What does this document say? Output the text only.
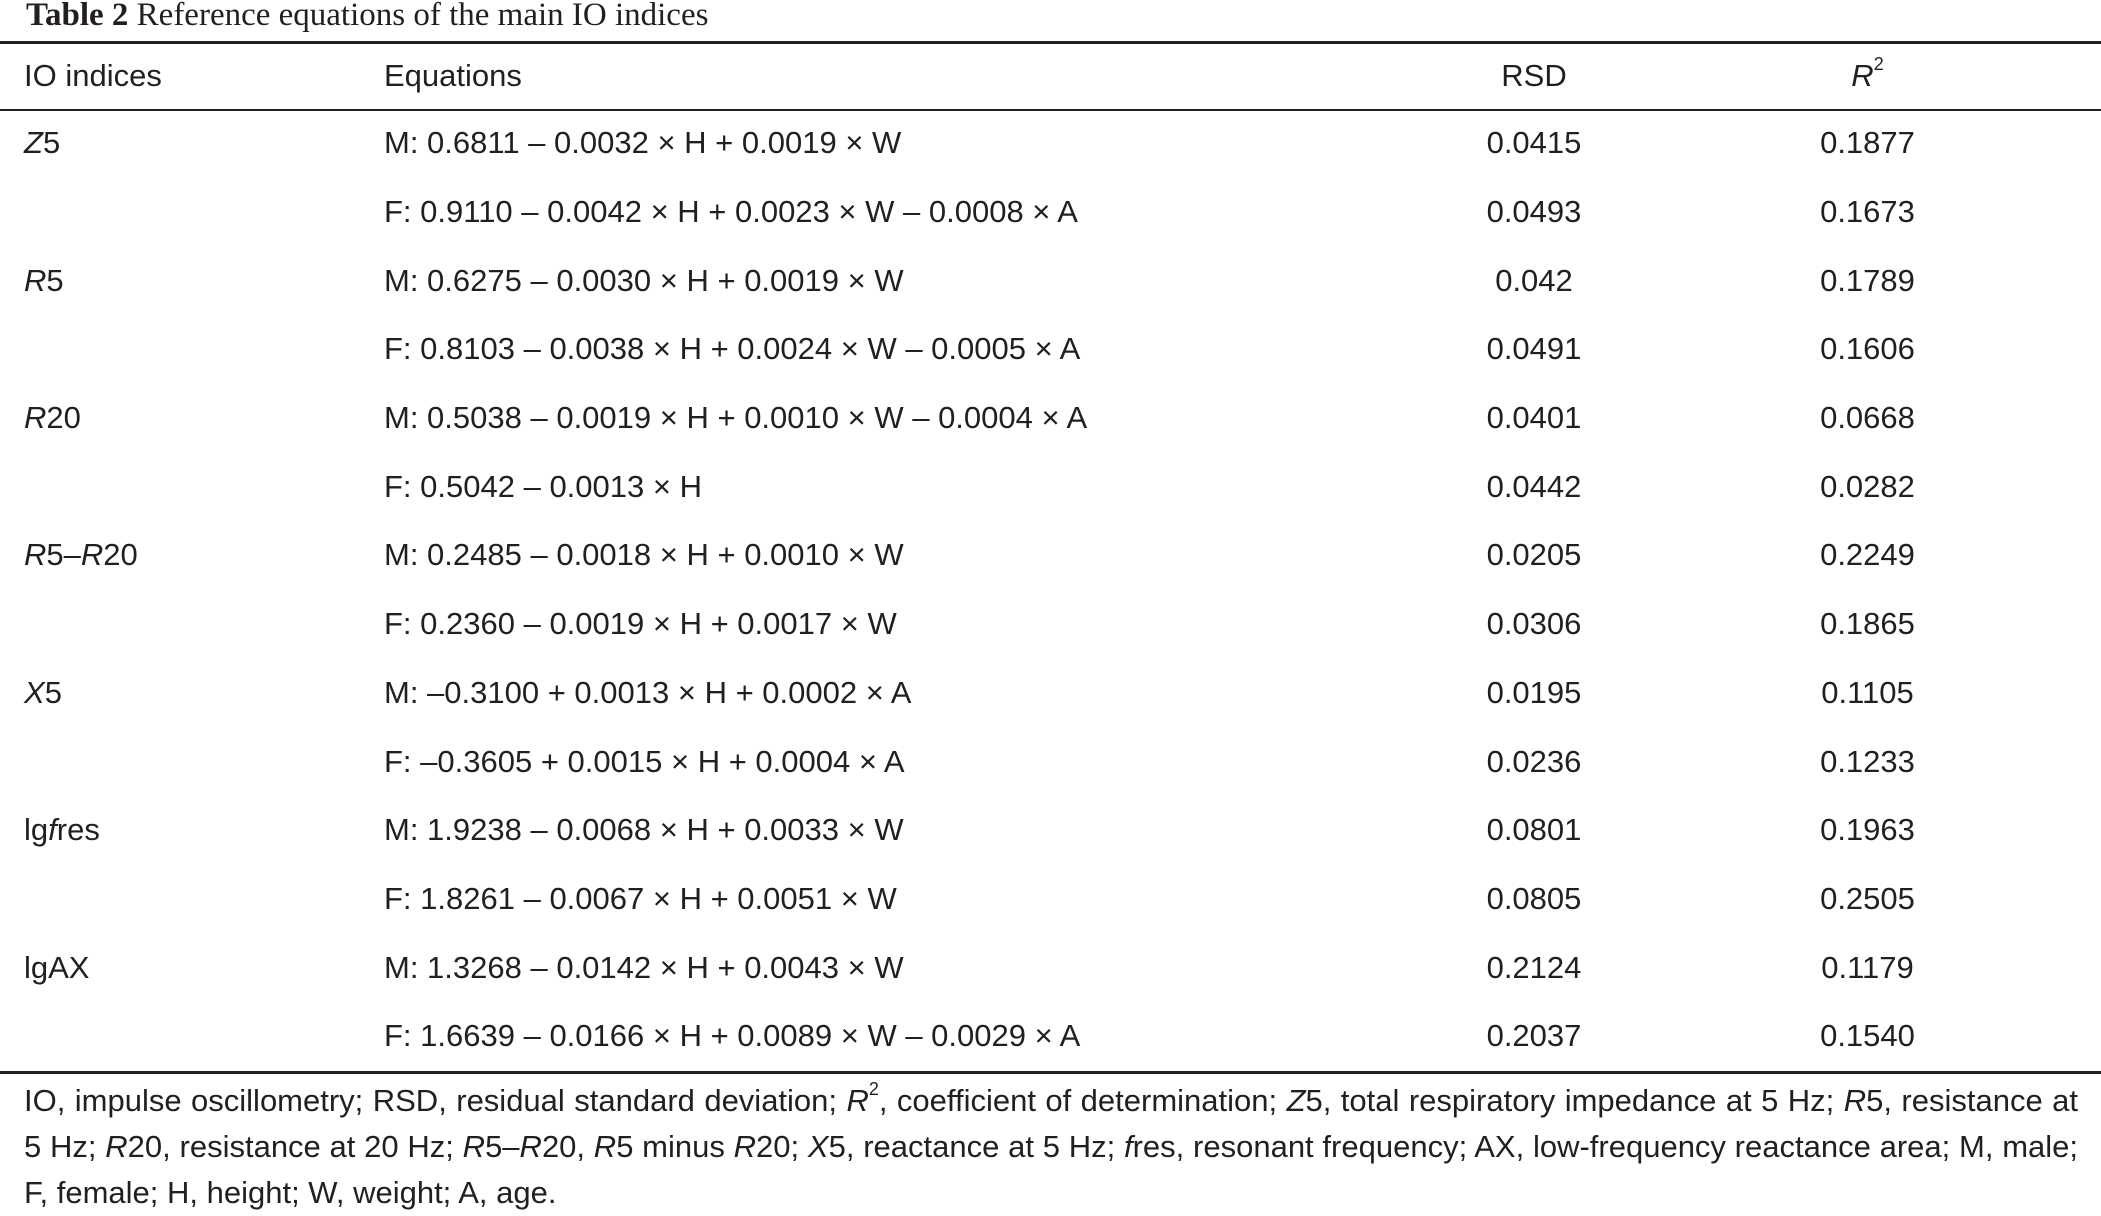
Table 2 Reference equations of the main IO indices
IO indices	Equations	RSD	$R^2$
Z5	M: 0.6811 – 0.0032 × H + 0.0019 × W	0.0415	0.1877
	F: 0.9110 – 0.0042 × H + 0.0023 × W – 0.0008 × A	0.0493	0.1673
R5	M: 0.6275 – 0.0030 × H + 0.0019 × W	0.042	0.1789
	F: 0.8103 – 0.0038 × H + 0.0024 × W – 0.0005 × A	0.0491	0.1606
R20	M: 0.5038 – 0.0019 × H + 0.0010 × W – 0.0004 × A	0.0401	0.0668
	F: 0.5042 – 0.0013 × H	0.0442	0.0282
R5–R20	M: 0.2485 – 0.0018 × H + 0.0010 × W	0.0205	0.2249
	F: 0.2360 – 0.0019 × H + 0.0017 × W	0.0306	0.1865
X5	M: –0.3100 + 0.0013 × H + 0.0002 × A	0.0195	0.1105
	F: –0.3605 + 0.0015 × H + 0.0004 × A	0.0236	0.1233
lgfres	M: 1.9238 – 0.0068 × H + 0.0033 × W	0.0801	0.1963
	F: 1.8261 – 0.0067 × H + 0.0051 × W	0.0805	0.2505
lgAX	M: 1.3268 – 0.0142 × H + 0.0043 × W	0.2124	0.1179
	F: 1.6639 – 0.0166 × H + 0.0089 × W – 0.0029 × A	0.2037	0.1540
IO, impulse oscillometry; RSD, residual standard deviation; $R^2$, coefficient of determination; Z5, total respiratory impedance at 5 Hz; R5, resistance at 5 Hz; R20, resistance at 20 Hz; R5–R20, R5 minus R20; X5, reactance at 5 Hz; fres, resonant frequency; AX, low-frequency reactance area; M, male; F, female; H, height; W, weight; A, age.
